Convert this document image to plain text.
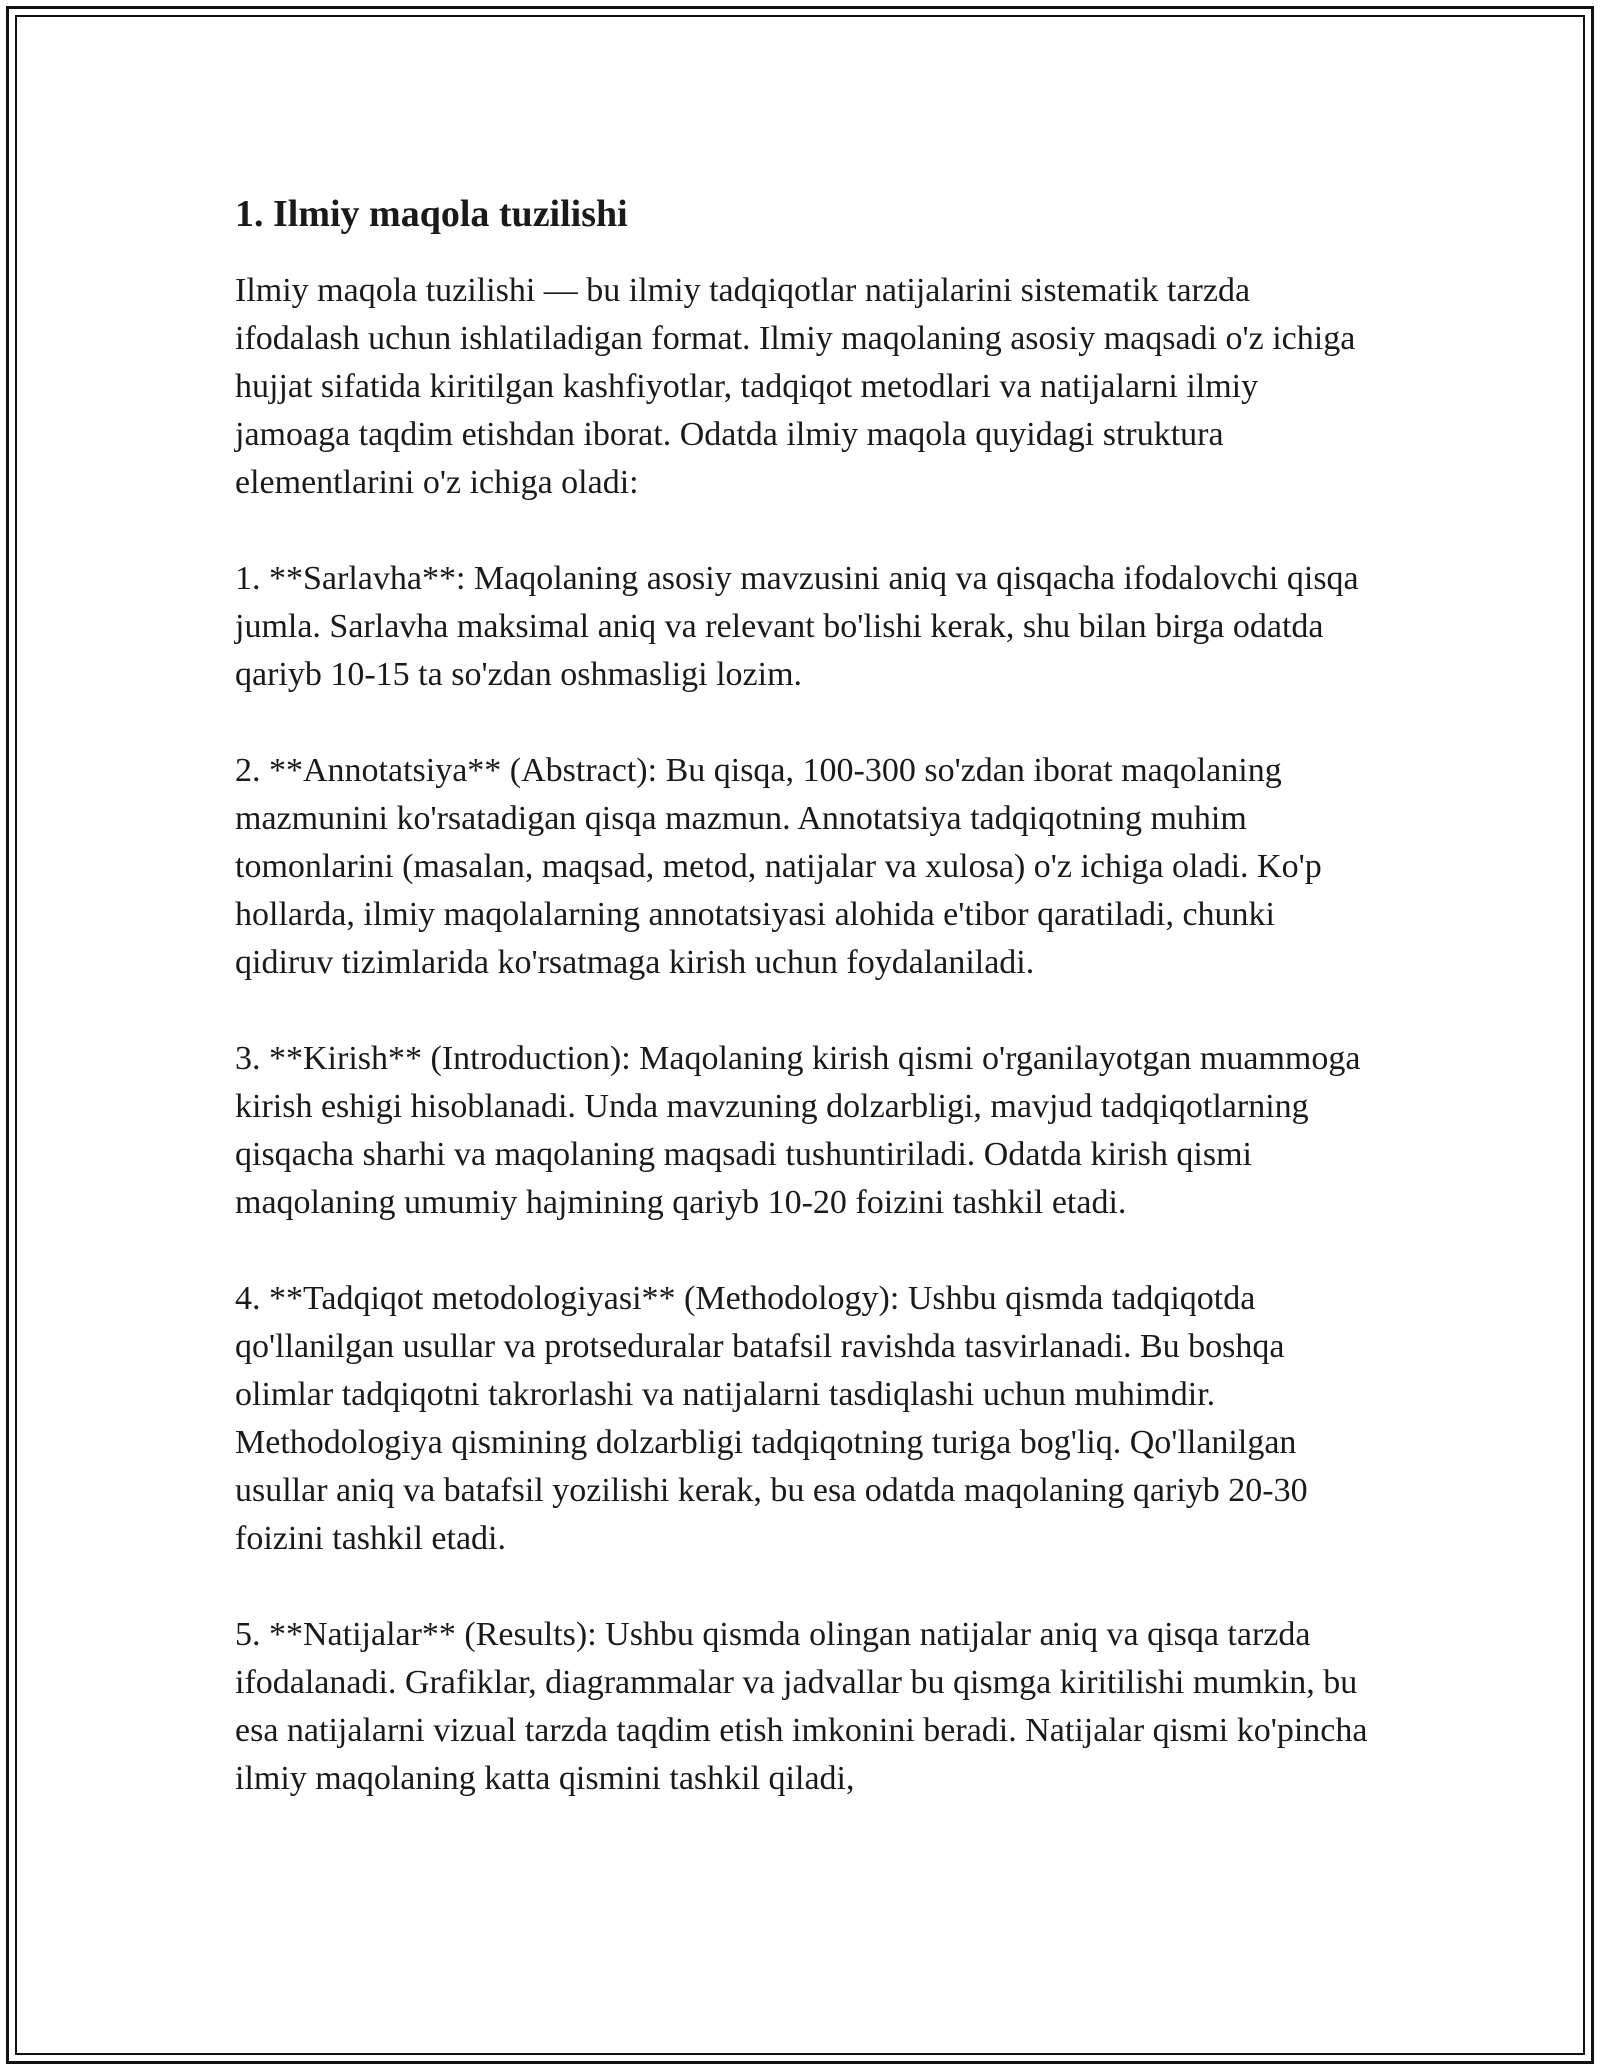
1. Ilmiy maqola tuzilishi

Ilmiy maqola tuzilishi — bu ilmiy tadqiqotlar natijalarini sistematik tarzda ifodalash uchun ishlatiladigan format. Ilmiy maqolaning asosiy maqsadi o'z ichiga hujjat sifatida kiritilgan kashfiyotlar, tadqiqot metodlari va natijalarni ilmiy jamoaga taqdim etishdan iborat. Odatda ilmiy maqola quyidagi struktura elementlarini o'z ichiga oladi:

1. **Sarlavha**: Maqolaning asosiy mavzusini aniq va qisqacha ifodalovchi qisqa jumla. Sarlavha maksimal aniq va relevant bo'lishi kerak, shu bilan birga odatda qariyb 10-15 ta so'zdan oshmasligi lozim.

2. **Annotatsiya** (Abstract): Bu qisqa, 100-300 so'zdan iborat maqolaning mazmunini ko'rsatadigan qisqa mazmun. Annotatsiya tadqiqotning muhim tomonlarini (masalan, maqsad, metod, natijalar va xulosa) o'z ichiga oladi. Ko'p hollarda, ilmiy maqolalarning annotatsiyasi alohida e'tibor qaratiladi, chunki qidiruv tizimlarida ko'rsatmaga kirish uchun foydalaniladi.

3. **Kirish** (Introduction): Maqolaning kirish qismi o'rganilayotgan muammoga kirish eshigi hisoblanadi. Unda mavzuning dolzarbligi, mavjud tadqiqotlarning qisqacha sharhi va maqolaning maqsadi tushuntiriladi. Odatda kirish qismi maqolaning umumiy hajmining qariyb 10-20 foizini tashkil etadi.

4. **Tadqiqot metodologiyasi** (Methodology): Ushbu qismda tadqiqotda qo'llanilgan usullar va protseduralar batafsil ravishda tasvirlanadi. Bu boshqa olimlar tadqiqotni takrorlashi va natijalarni tasdiqlashi uchun muhimdir. Methodologiya qismining dolzarbligi tadqiqotning turiga bog'liq. Qo'llanilgan usullar aniq va batafsil yozilishi kerak, bu esa odatda maqolaning qariyb 20-30 foizini tashkil etadi.

5. **Natijalar** (Results): Ushbu qismda olingan natijalar aniq va qisqa tarzda ifodalanadi. Grafiklar, diagrammalar va jadvallar bu qismga kiritilishi mumkin, bu esa natijalarni vizual tarzda taqdim etish imkonini beradi. Natijalar qismi ko'pincha ilmiy maqolaning katta qismini tashkil qiladi,
